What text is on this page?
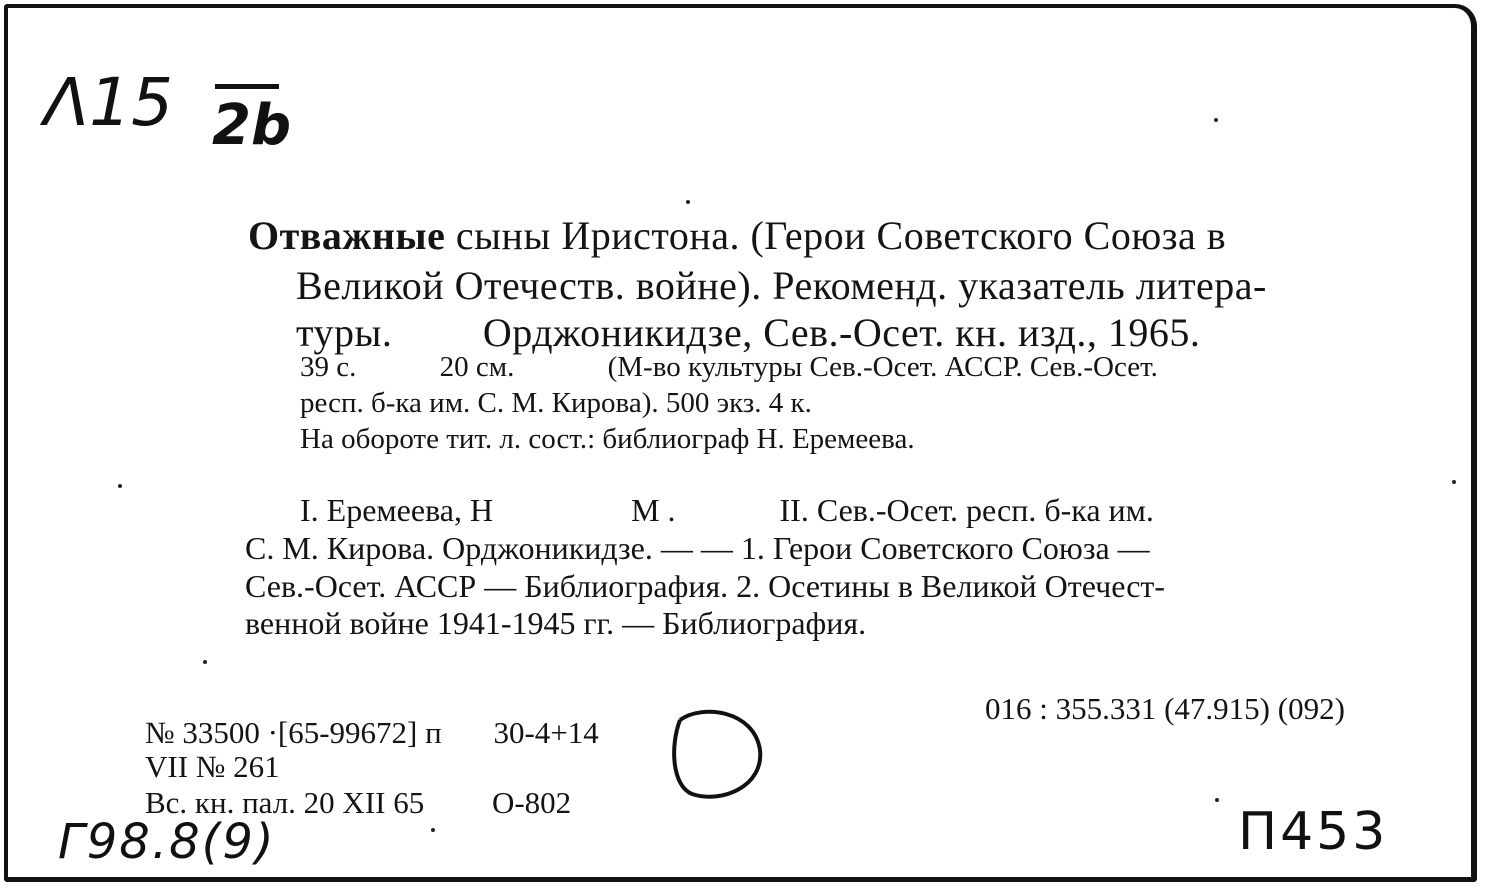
Λ15 2b
Отважные сыны Иристона. (Герои Советского Союза в
Великой Отечеств. войне). Рекоменд. указатель литера-
туры. Орджоникидзе, Сев.-Осет. кн. изд., 1965.
39 с.	20 см.	(М-во культуры Сев.-Осет. АССР. Сев.-Осет.
респ. б-ка им. С. М. Кирова). 500 экз. 4 к.
На обороте тит. л. сост.: библиограф Н. Еремеева.
I. Еремеева, Н	М .	II. Сев.-Осет. респ. б-ка им.
С. М. Кирова. Орджоникидзе. — — 1. Герои Советского Союза —
Сев.-Осет. АССР — Библиография. 2. Осетины в Великой Отечест-
венной войне 1941-1945 гг. — Библиография.
016 : 355.331 (47.915) (092)
№ 33500 ·[65-99672] п 30-4+14
VII № 261
Вс. кн. пал. 20 XII 65 О-802
Г98.8(9)	П453
